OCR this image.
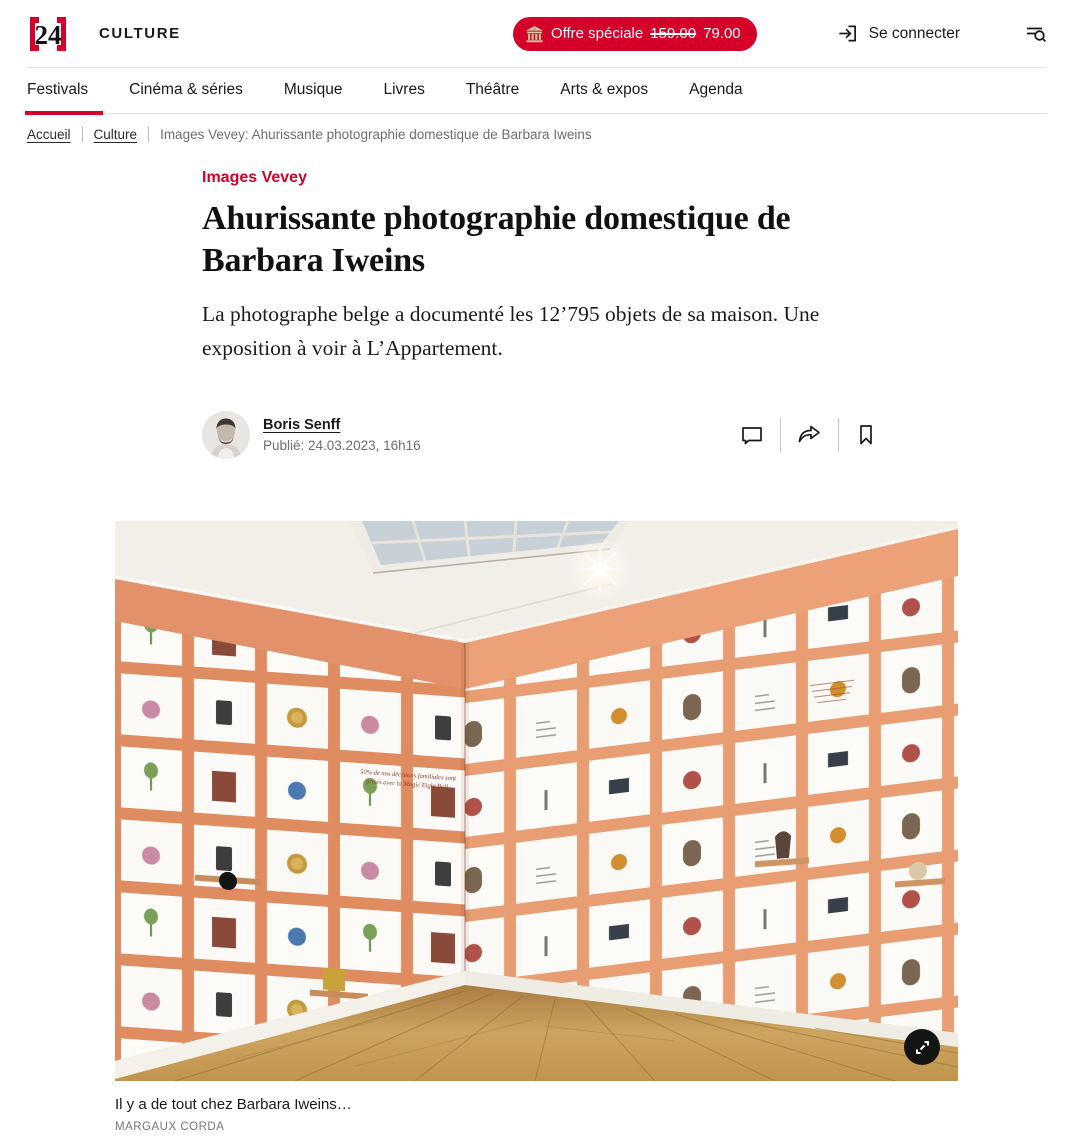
24	CULTURE	Offre spéciale 159.00 79.00	Se connecter
Festivals	Cinéma & séries	Musique	Livres	Théâtre	Arts & expos	Agenda
Accueil Culture Images Vevey: Ahurissante photographie domestique de Barbara Iweins
Images Vevey
Ahurissante photographie domestique de Barbara Iweins

La photographe belge a documenté les 12’795 objets de sa maison. Une exposition à voir à L’Appartement.

Boris Senff
Publié: 24.03.2023, 16h16
50% de nos décisions familiales sont prises avec la Magic Eight Ball.
Il y a de tout chez Barbara Iweins…
MARGAUX CORDA
